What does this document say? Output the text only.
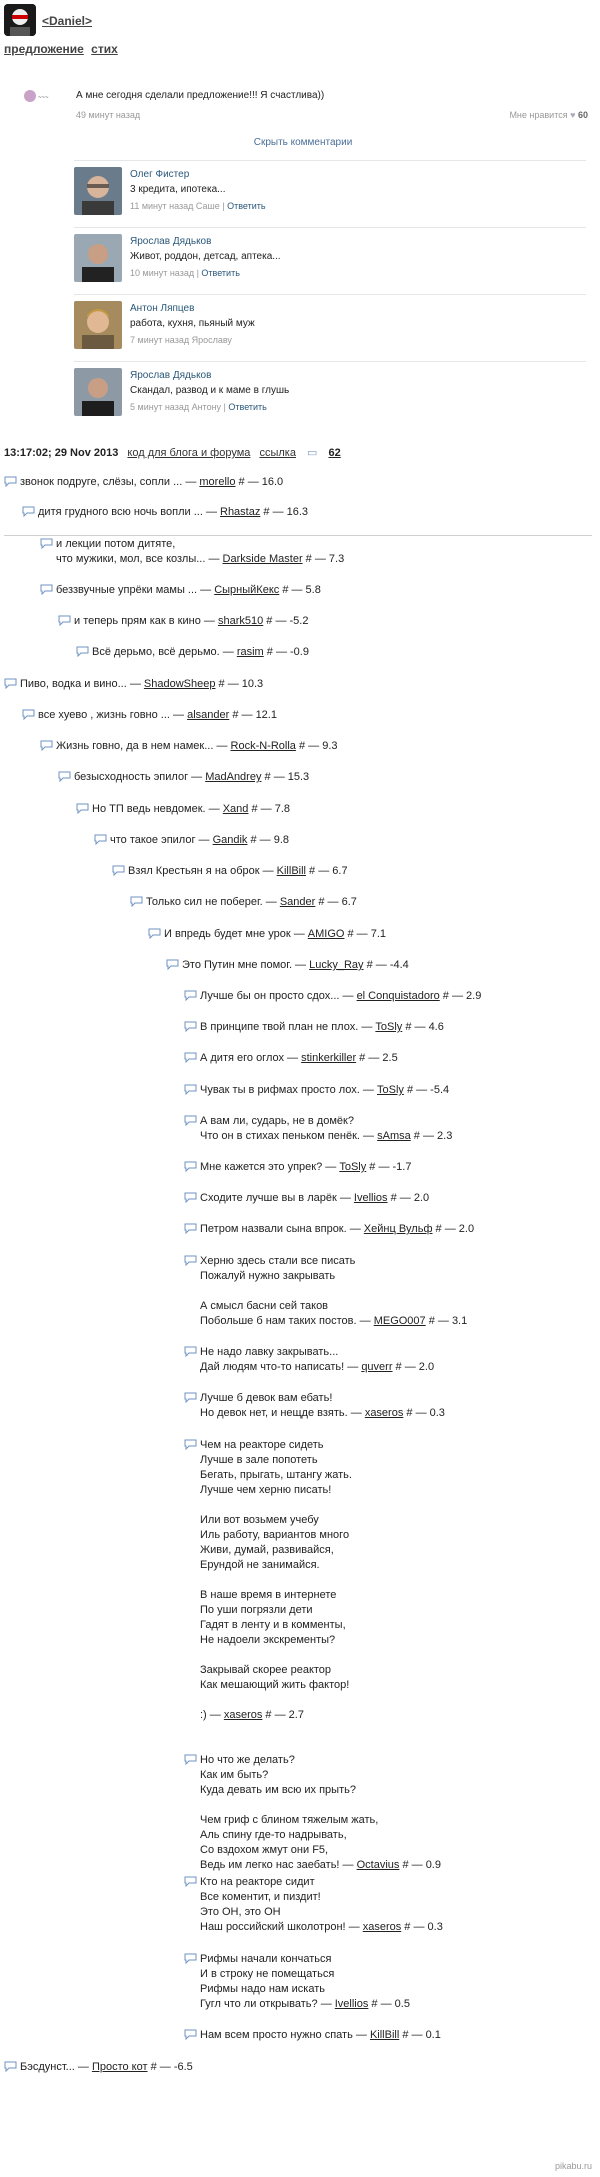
<Daniel>
предложение стих
~~~	А мне сегодня сделали предложение!!! Я счастлива))
49 минут назад	Мне нравится ♥ 60
Скрыть комментарии
Олег Фистер
3 кредита, ипотека...
11 минут назад Саше | Ответить
Ярослав Дядьков
Живот, роддон, детсад, аптека...
10 минут назад | Ответить
Антон Ляпцев
работа, кухня, пьяный муж
7 минут назад Ярославу
Ярослав Дядьков
Скандал, развод и к маме в глушь
5 минут назад Антону | Ответить
13:17:02; 29 Nov 2013 код для блога и форума ссылка ▭ 62
звонок подруге, слёзы, сопли ... — morello # — 16.0
дитя грудного всю ночь вопли ... — Rhastaz # — 16.3
и лекции потом дитяте,
что мужики, мол, все козлы... — Darkside Master # — 7.3
беззвучные упрёки мамы ... — СырныйКекс # — 5.8
и теперь прям как в кино — shark510 # — -5.2
Всё дерьмо, всё дерьмо. — rasim # — -0.9
Пиво, водка и вино... — ShadowSheep # — 10.3
все хуево , жизнь говно ... — alsander # — 12.1
Жизнь говно, да в нем намек... — Rock-N-Rolla # — 9.3
безысходность эпилог — MadAndrey # — 15.3
Но ТП ведь невдомек. — Xand # — 7.8
что такое эпилог — Gandik # — 9.8
Взял Крестьян я на оброк — KillBill # — 6.7
Только сил не поберег. — Sander # — 6.7
И впредь будет мне урок — AMIGO # — 7.1
Это Путин мне помог. — Lucky_Ray # — -4.4
Лучше бы он просто сдох... — el Conquistadoro # — 2.9
В принципе твой план не плох. — ToSly # — 4.6
А дитя его оглох — stinkerkiller # — 2.5
Чувак ты в рифмах просто лох. — ToSly # — -5.4
А вам ли, сударь, не в домёк?
Что он в стихах пеньком пенёк. — sAmsa # — 2.3
Мне кажется это упрек? — ToSly # — -1.7
Сходите лучше вы в ларёк — Ivellios # — 2.0
Петром назвали сына впрок. — Хейнц Вульф # — 2.0
Херню здесь стали все писать
Пожалуй нужно закрывать

А смысл басни сей таков
Побольше б нам таких постов. — MEGO007 # — 3.1
Не надо лавку закрывать...
Дай людям что-то написать! — quverr # — 2.0
Лучше б девок вам ебать!
Но девок нет, и нещде взять. — xaseros # — 0.3
Чем на реакторе сидеть
Лучше в зале попотеть
Бегать, прыгать, штангу жать.
Лучше чем херню писать!

Или вот возьмем учебу
Иль работу, вариантов много
Живи, думай, развивайся,
Ерундой не занимайся.

В наше время в интернете
По уши погрязли дети
Гадят в ленту и в комменты,
Не надоели экскременты?

Закрывай скорее реактор
Как мешающий жить фактор!

:) — xaseros # — 2.7
Но что же делать?
Как им быть?
Куда девать им всю их прыть?

Чем гриф с блином тяжелым жать,
Аль спину где-то надрывать,
Со вздохом жмут они F5,
Ведь им легко нас заебать! — Octavius # — 0.9
Кто на реакторе сидит
Все коментит, и пиздит!
Это ОН, это ОН
Наш российский школотрон! — xaseros # — 0.3
Рифмы начали кончаться
И в строку не помещаться
Рифмы надо нам искать
Гугл что ли открывать? — Ivellios # — 0.5
Нам всем просто нужно спать — KillBill # — 0.1
Бэсдунст... — Просто кот # — -6.5
pikabu.ru
